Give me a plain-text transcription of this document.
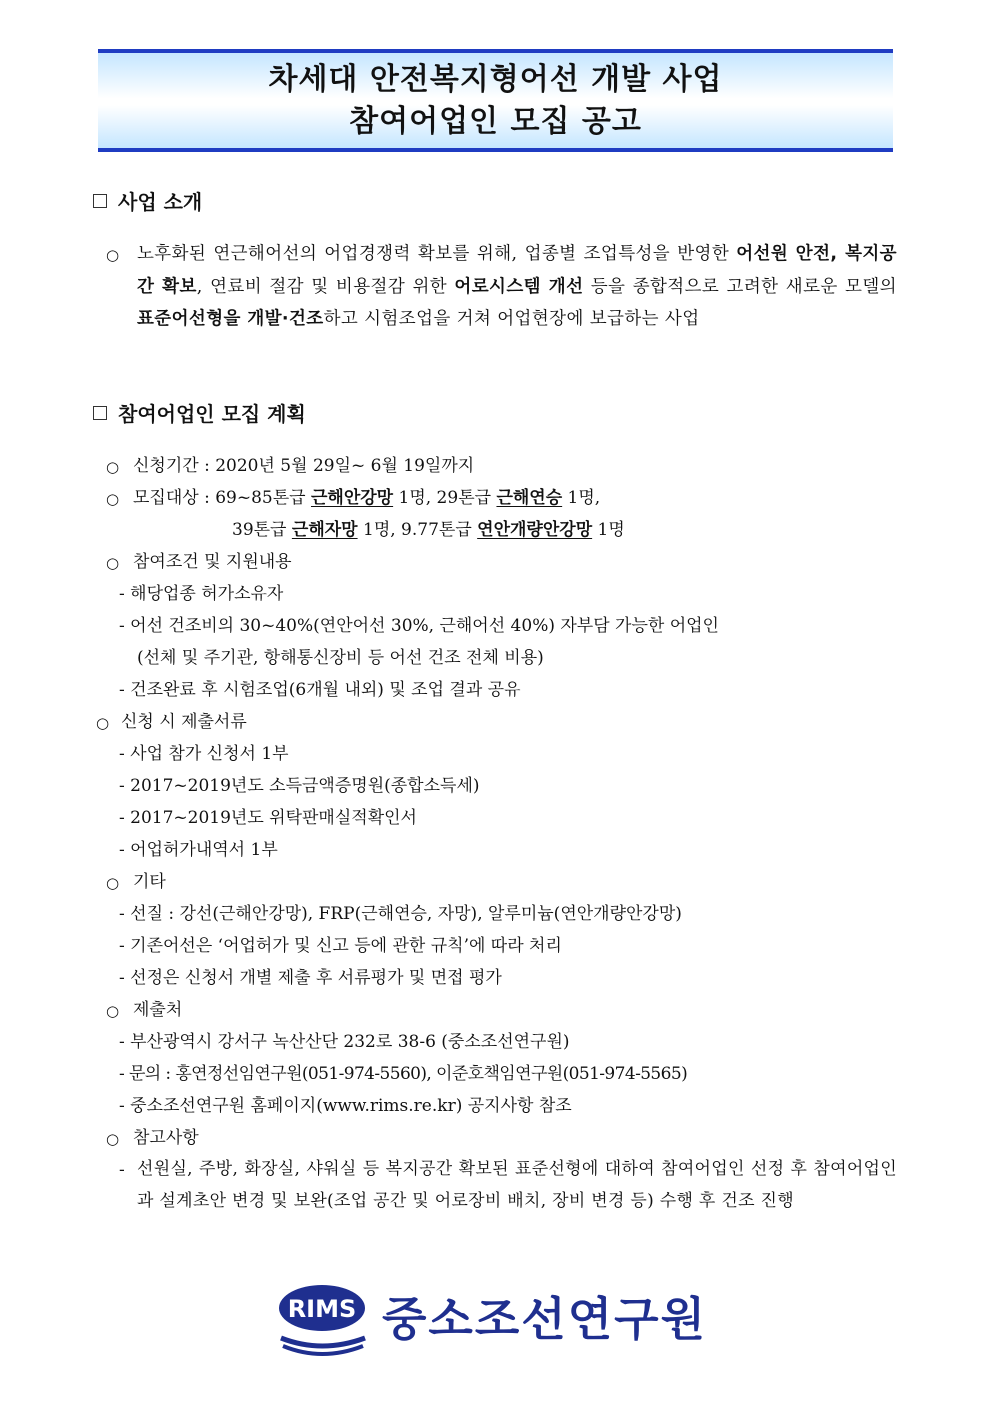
차세대 안전복지형어선 개발 사업
참여어업인 모집 공고
사업 소개
○ 노후화된 연근해어선의 어업경쟁력 확보를 위해, 업종별 조업특성을 반영한 어선원 안전, 복지공간 확보, 연료비 절감 및 비용절감 위한 어로시스템 개선 등을 종합적으로 고려한 새로운 모델의 표준어선형을 개발·건조하고 시험조업을 거쳐 어업현장에 보급하는 사업
참여어업인 모집 계획
○ 신청기간 : 2020년 5월 29일~ 6월 19일까지
○ 모집대상 : 69~85톤급 근해안강망 1명, 29톤급 근해연승 1명,
39톤급 근해자망 1명, 9.77톤급 연안개량안강망 1명
○ 참여조건 및 지원내용
- 해당업종 허가소유자
- 어선 건조비의 30~40%(연안어선 30%, 근해어선 40%) 자부담 가능한 어업인
(선체 및 주기관, 항해통신장비 등 어선 건조 전체 비용)
- 건조완료 후 시험조업(6개월 내외) 및 조업 결과 공유
○ 신청 시 제출서류
- 사업 참가 신청서 1부
- 2017~2019년도 소득금액증명원(종합소득세)
- 2017~2019년도 위탁판매실적확인서
- 어업허가내역서 1부
○ 기타
- 선질 : 강선(근해안강망), FRP(근해연승, 자망), 알루미늄(연안개량안강망)
- 기존어선은 ‘어업허가 및 신고 등에 관한 규칙’에 따라 처리
- 선정은 신청서 개별 제출 후 서류평가 및 면접 평가
○ 제출처
- 부산광역시 강서구 녹산산단 232로 38-6 (중소조선연구원)
- 문의 : 홍연정선임연구원(051-974-5560), 이준호책임연구원(051-974-5565)
- 중소조선연구원 홈페이지(www.rims.re.kr) 공지사항 참조
○ 참고사항
- 선원실, 주방, 화장실, 샤워실 등 복지공간 확보된 표준선형에 대하여 참여어업인 선정 후 참여어업인과 설계초안 변경 및 보완(조업 공간 및 어로장비 배치, 장비 변경 등) 수행 후 건조 진행
RIMS 중소조선연구원
